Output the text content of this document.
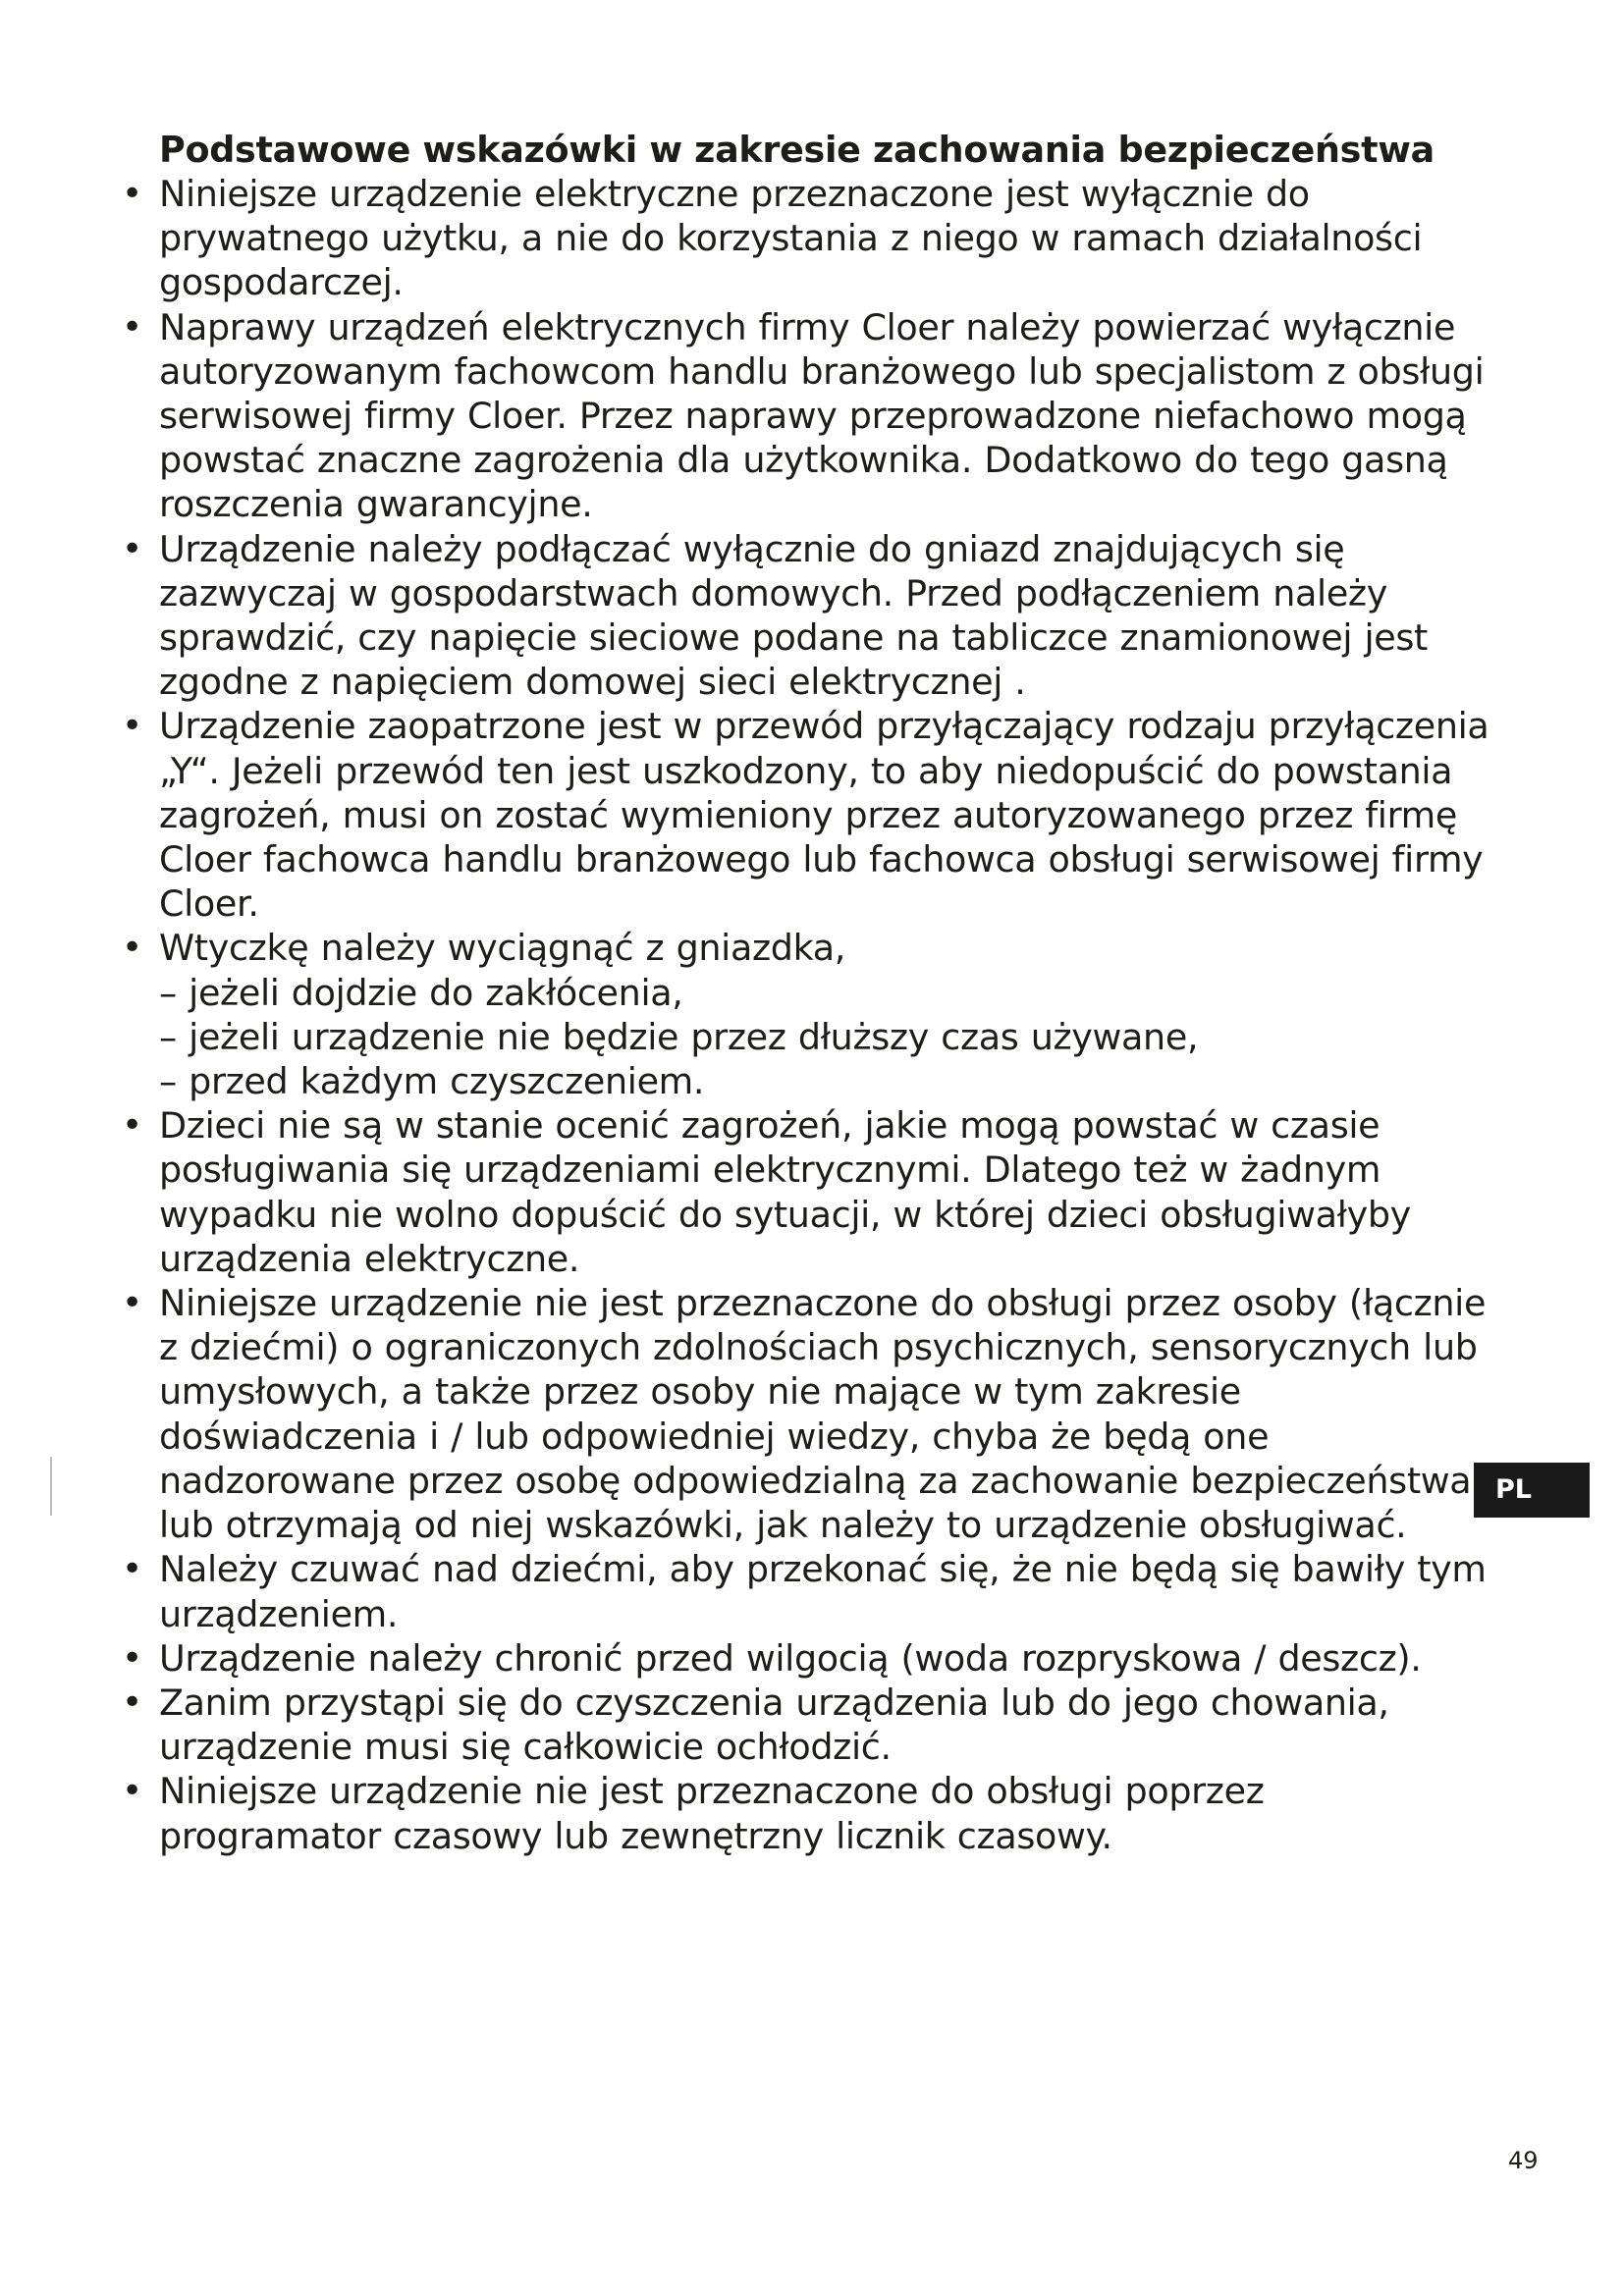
Podstawowe wskazówki w zakresie zachowania bezpieczeństwa
• Niniejsze urządzenie elektryczne przeznaczone jest wyłącznie do prywatnego użytku, a nie do korzystania z niego w ramach działalności gospodarczej.
• Naprawy urządzeń elektrycznych firmy Cloer należy powierzać wyłącznie autoryzowanym fachowcom handlu branżowego lub specjalistom z obsługi serwisowej firmy Cloer. Przez naprawy przeprowadzone niefachowo mogą powstać znaczne zagrożenia dla użytkownika. Dodatkowo do tego gasną roszczenia gwarancyjne.
• Urządzenie należy podłączać wyłącznie do gniazd znajdujących się zazwyczaj w gospodarstwach domowych. Przed podłączeniem należy sprawdzić, czy napięcie sieciowe podane na tabliczce znamionowej jest zgodne z napięciem domowej sieci elektrycznej .
• Urządzenie zaopatrzone jest w przewód przyłączający rodzaju przyłączenia „Y“. Jeżeli przewód ten jest uszkodzony, to aby niedopuścić do powstania zagrożeń, musi on zostać wymieniony przez autoryzowanego przez firmę Cloer fachowca handlu branżowego lub fachowca obsługi serwisowej firmy Cloer.
• Wtyczkę należy wyciągnąć z gniazdka,
– jeżeli dojdzie do zakłócenia,
– jeżeli urządzenie nie będzie przez dłuższy czas używane,
– przed każdym czyszczeniem.
• Dzieci nie są w stanie ocenić zagrożeń, jakie mogą powstać w czasie posługiwania się urządzeniami elektrycznymi. Dlatego też w żadnym wypadku nie wolno dopuścić do sytuacji, w której dzieci obsługiwałyby urządzenia elektryczne.
• Niniejsze urządzenie nie jest przeznaczone do obsługi przez osoby (łącznie z dziećmi) o ograniczonych zdolnościach psychicznych, sensorycznych lub umysłowych, a także przez osoby nie mające w tym zakresie doświadczenia i / lub odpowiedniej wiedzy, chyba że będą one nadzorowane przez osobę odpowiedzialną za zachowanie bezpieczeństwa lub otrzymają od niej wskazówki, jak należy to urządzenie obsługiwać.
• Należy czuwać nad dziećmi, aby przekonać się, że nie będą się bawiły tym urządzeniem.
• Urządzenie należy chronić przed wilgocią (woda rozpryskowa / deszcz).
• Zanim przystąpi się do czyszczenia urządzenia lub do jego chowania, urządzenie musi się całkowicie ochłodzić.
• Niniejsze urządzenie nie jest przeznaczone do obsługi poprzez programator czasowy lub zewnętrzny licznik czasowy.
PL
49
